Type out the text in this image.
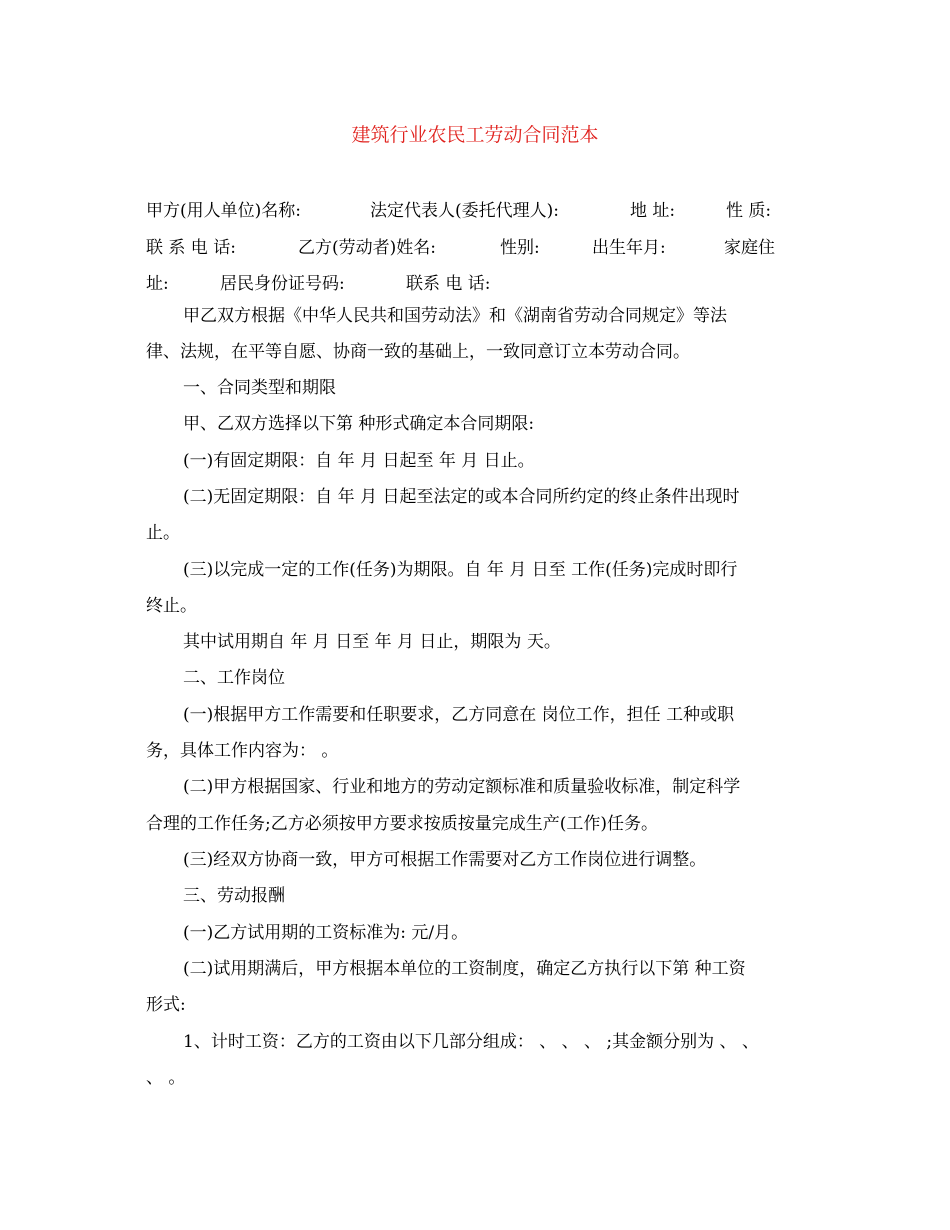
建筑行业农民工劳动合同范本
甲方(用人单位)名称:	法定代表人(委托代理人):	地 址:	性 质:
联 系 电 话:	乙方(劳动者)姓名:	性别:	出生年月:	家庭住
址:	居民身份证号码:	联系 电 话:
甲乙双方根据《中华人民共和国劳动法》和《湖南省劳动合同规定》等法
律、法规，在平等自愿、协商一致的基础上，一致同意订立本劳动合同。
一、合同类型和期限
甲、乙双方选择以下第 种形式确定本合同期限:
(一)有固定期限：自 年 月 日起至 年 月 日止。
(二)无固定期限：自 年 月 日起至法定的或本合同所约定的终止条件出现时
止。
(三)以完成一定的工作(任务)为期限。自 年 月 日至 工作(任务)完成时即行
终止。
其中试用期自 年 月 日至 年 月 日止，期限为 天。
二、工作岗位
(一)根据甲方工作需要和任职要求，乙方同意在 岗位工作，担任 工种或职
务，具体工作内容为： 。
(二)甲方根据国家、行业和地方的劳动定额标准和质量验收标准，制定科学
合理的工作任务;乙方必须按甲方要求按质按量完成生产(工作)任务。
(三)经双方协商一致，甲方可根据工作需要对乙方工作岗位进行调整。
三、劳动报酬
(一)乙方试用期的工资标准为: 元/月。
(二)试用期满后，甲方根据本单位的工资制度，确定乙方执行以下第 种工资
形式:
1、计时工资：乙方的工资由以下几部分组成： 、 、 、 ;其金额分别为 、 、
、 。
